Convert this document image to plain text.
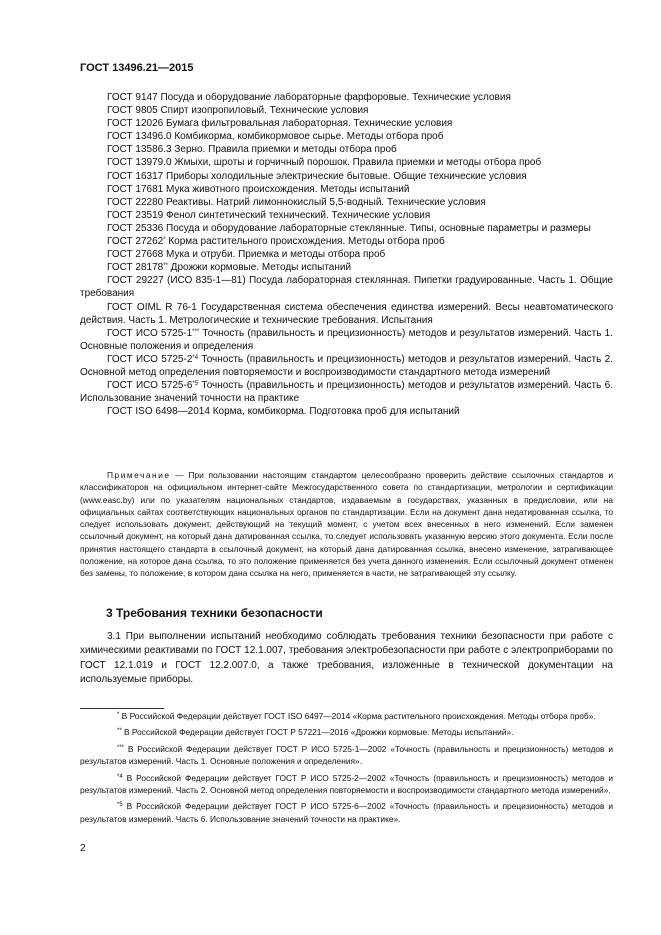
ГОСТ 13496.21—2015

ГОСТ 9147 Посуда и оборудование лабораторные фарфоровые. Технические условия

ГОСТ 9805 Спирт изопропиловый. Технические условия

ГОСТ 12026 Бумага фильтровальная лабораторная. Технические условия

ГОСТ 13496.0 Комбикорма, комбикормовое сырье. Методы отбора проб

ГОСТ 13586.3 Зерно. Правила приемки и методы отбора проб

ГОСТ 13979.0 Жмыхи, шроты и горчичный порошок. Правила приемки и методы отбора проб

ГОСТ 16317 Приборы холодильные электрические бытовые. Общие технические условия

ГОСТ 17681 Мука животного происхождения. Методы испытаний

ГОСТ 22280 Реактивы. Натрий лимоннокислый 5,5-водный. Технические условия

ГОСТ 23519 Фенол синтетический технический. Технические условия

ГОСТ 25336 Посуда и оборудование лабораторные стеклянные. Типы, основные параметры и размеры

ГОСТ 27262* Корма растительного происхождения. Методы отбора проб

ГОСТ 27668 Мука и отруби. Приемка и методы отбора проб

ГОСТ 28178** Дрожжи кормовые. Методы испытаний

ГОСТ 29227 (ИСО 835-1—81) Посуда лабораторная стеклянная. Пипетки градуированные. Часть 1. Общие требования

ГОСТ OIML R 76-1 Государственная система обеспечения единства измерений. Весы неавтоматического действия. Часть 1. Метрологические и технические требования. Испытания

ГОСТ ИСО 5725-1*** Точность (правильность и прецизионность) методов и результатов измерений. Часть 1. Основные положения и определения

ГОСТ ИСО 5725-2$^{*4}$ Точность (правильность и прецизионность) методов и результатов измерений. Часть 2. Основной метод определения повторяемости и воспроизводимости стандартного метода измерений

ГОСТ ИСО 5725-6$^{*5}$ Точность (правильность и прецизионность) методов и результатов измерений. Часть 6. Использование значений точности на практике

ГОСТ ISO 6498—2014 Корма, комбикорма. Подготовка проб для испытаний

Примечание — При пользовании настоящим стандартом целесообразно проверить действие ссылочных стандартов и классификаторов на официальном интернет-сайте Межгосударственного совета по стандартизации, метрологии и сертификации (www.easc.by) или по указателям национальных стандартов, издаваемым в государствах, указанных в предисловии, или на официальных сайтах соответствующих национальных органов по стандартизации. Если на документ дана недатированная ссылка, то следует использовать документ, действующий на текущий момент, с учетом всех внесенных в него изменений. Если заменен ссылочный документ, на который дана датированная ссылка, то следует использовать указанную версию этого документа. Если после принятия настоящего стандарта в ссылочный документ, на который дана датированная ссылка, внесено изменение, затрагивающее положение, на которое дана ссылка, то это положение применяется без учета данного изменения. Если ссылочный документ отменен без замены, то положение, в котором дана ссылка на него, применяется в части, не затрагивающей эту ссылку.

3 Требования техники безопасности

3.1 При выполнении испытаний необходимо соблюдать требования техники безопасности при работе с химическими реактивами по ГОСТ 12.1.007, требования электробезопасности при работе с электроприборами по ГОСТ 12.1.019 и ГОСТ 12.2.007.0, а также требования, изложенные в технической документации на используемые приборы.

* В Российской Федерации действует ГОСТ ISO 6497—2014 «Корма растительного происхождения. Методы отбора проб».

** В Российской Федерации действует ГОСТ Р 57221—2016 «Дрожжи кормовые. Методы испытаний».

*** В Российской Федерации действует ГОСТ Р ИСО 5725-1—2002 «Точность (правильность и прецизионность) методов и результатов измерений. Часть 1. Основные положения и определения».

$^{*4}$ В Российской Федерации действует ГОСТ Р ИСО 5725-2—2002 «Точность (правильность и прецизионность) методов и результатов измерений. Часть 2. Основной метод определения повторяемости и воспроизводимости стандартного метода измерений».

$^{*5}$ В Российской Федерации действует ГОСТ Р ИСО 5725-6—2002 «Точность (правильность и прецизионность) методов и результатов измерений. Часть 6. Использование значений точности на практике».

2
